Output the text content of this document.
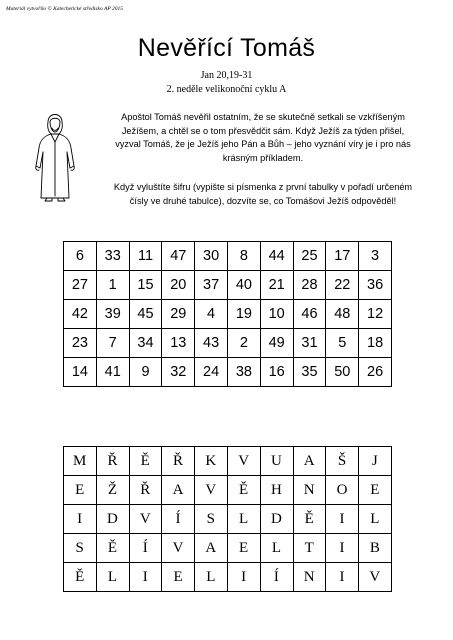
Materiál vytvořilo © Katechetické středisko AP 2015
Nevěřící Tomáš
Jan 20,19-31
2. neděle velikonoční cyklu A
Apoštol Tomáš nevěřil ostatním, že se skutečně setkali se vzkříšeným
Ježíšem, a chtěl se o tom přesvědčit sám. Když Ježíš za týden přišel,
vyzval Tomáš, že je Ježíš jeho Pán a Bůh – jeho vyznání víry je i pro nás
krásným příkladem.
Když vyluštíte šifru (vypište si písmenka z první tabulky v pořadí určeném
čísly ve druhé tabulce), dozvíte se, co Tomášovi Ježíš odpověděl!
6	33	11	47	30	8	44	25	17	3
27	1	15	20	37	40	21	28	22	36
42	39	45	29	4	19	10	46	48	12
23	7	34	13	43	2	49	31	5	18
14	41	9	32	24	38	16	35	50	26
M	Ř	Ě	Ř	K	V	U	A	Š	J
E	Ž	Ř	A	V	Ě	H	N	O	E
I	D	V	Í	S	L	D	Ě	I	L
S	Ě	Í	V	A	E	L	T	I	B
Ě	L	I	E	L	I	Í	N	I	V
